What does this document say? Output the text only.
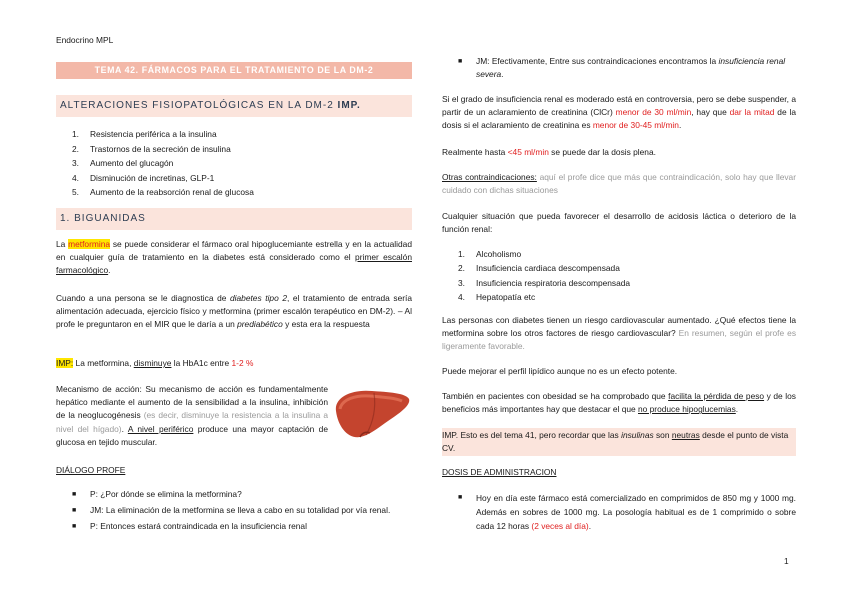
Endocrino MPL
TEMA 42. FÁRMACOS PARA EL TRATAMIENTO DE LA DM-2
ALTERACIONES FISIOPATOLÓGICAS EN LA DM-2 IMP.
1. Resistencia periférica a la insulina
2. Trastornos de la secreción de insulina
3. Aumento del glucagón
4. Disminución de incretinas, GLP-1
5. Aumento de la reabsorción renal de glucosa
1. BIGUANIDAS
La metformina se puede considerar el fármaco oral hipoglucemiante estrella y en la actualidad en cualquier guía de tratamiento en la diabetes está considerado como el primer escalón farmacológico.
Cuando a una persona se le diagnostica de diabetes tipo 2, el tratamiento de entrada sería alimentación adecuada, ejercicio físico y metformina (primer escalón terapéutico en DM-2). – Al profe le preguntaron en el MIR que le daría a un prediabético y esta era la respuesta
IMP: La metformina, disminuye la HbA1c entre 1-2 %
Mecanismo de acción: Su mecanismo de acción es fundamentalmente hepático mediante el aumento de la sensibilidad a la insulina, inhibición de la neoglucogénesis (es decir, disminuye la resistencia a la insulina a nivel del hígado). A nivel periférico produce una mayor captación de glucosa en tejido muscular.
DIÁLOGO PROFE
■ P: ¿Por dónde se elimina la metformina?
■ JM: La eliminación de la metformina se lleva a cabo en su totalidad por vía renal.
■ P: Entonces estará contraindicada en la insuficiencia renal
■ JM: Efectivamente, Entre sus contraindicaciones encontramos la insuficiencia renal severa.
Si el grado de insuficiencia renal es moderado está en controversia, pero se debe suspender, a partir de un aclaramiento de creatinina (ClCr) menor de 30 ml/min, hay que dar la mitad de la dosis si el aclaramiento de creatinina es menor de 30-45 ml/min.
Realmente hasta <45 ml/min se puede dar la dosis plena.
Otras contraindicaciones: aquí el profe dice que más que contraindicación, solo hay que llevar cuidado con dichas situaciones
Cualquier situación que pueda favorecer el desarrollo de acidosis láctica o deterioro de la función renal:
1. Alcoholismo
2. Insuficiencia cardiaca descompensada
3. Insuficiencia respiratoria descompensada
4. Hepatopatía etc
Las personas con diabetes tienen un riesgo cardiovascular aumentado. ¿Qué efectos tiene la metformina sobre los otros factores de riesgo cardiovascular? En resumen, según el profe es ligeramente favorable.
Puede mejorar el perfil lipídico aunque no es un efecto potente.
También en pacientes con obesidad se ha comprobado que facilita la pérdida de peso y de los beneficios más importantes hay que destacar el que no produce hipoglucemias.
IMP. Esto es del tema 41, pero recordar que las insulinas son neutras desde el punto de vista CV.
DOSIS DE ADMINISTRACION
■ Hoy en día este fármaco está comercializado en comprimidos de 850 mg y 1000 mg. Además en sobres de 1000 mg. La posología habitual es de 1 comprimido o sobre cada 12 horas (2 veces al día).
1
